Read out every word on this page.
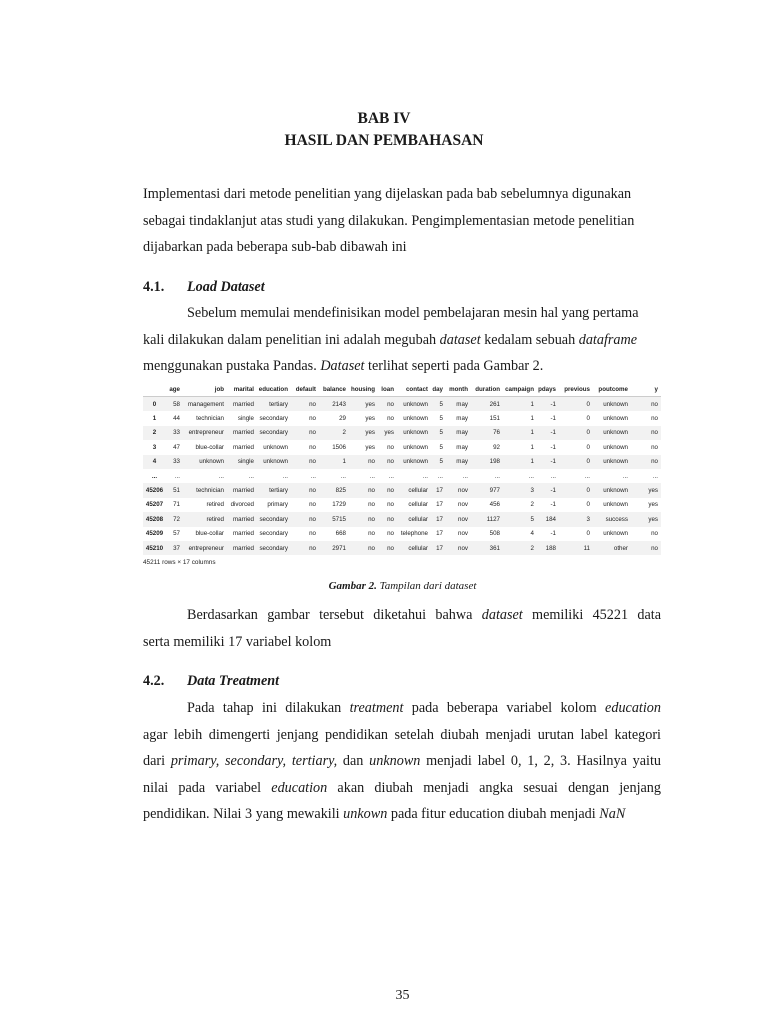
BAB IV
HASIL DAN PEMBAHASAN
Implementasi dari metode penelitian yang dijelaskan pada bab sebelumnya digunakan
sebagai tindaklanjut atas studi yang dilakukan. Pengimplementasian metode penelitian
dijabarkan pada beberapa sub-bab dibawah ini
4.1. Load Dataset
Sebelum memulai mendefinisikan model pembelajaran mesin hal yang pertama
kali dilakukan dalam penelitian ini adalah megubah dataset kedalam sebuah dataframe
menggunakan pustaka Pandas. Dataset terlihat seperti pada Gambar 2.
	age	job	marital	education	default	balance	housing	loan	contact	day	month	duration	campaign	pdays	previous	poutcome	y
0	58	management	married	tertiary	no	2143	yes	no	unknown	5	may	261	1	-1	0	unknown	no
1	44	technician	single	secondary	no	29	yes	no	unknown	5	may	151	1	-1	0	unknown	no
2	33	entrepreneur	married	secondary	no	2	yes	yes	unknown	5	may	76	1	-1	0	unknown	no
3	47	blue-collar	married	unknown	no	1506	yes	no	unknown	5	may	92	1	-1	0	unknown	no
4	33	unknown	single	unknown	no	1	no	no	unknown	5	may	198	1	-1	0	unknown	no
...	...	...	...	...	...	...	...	...	...	...	...	...	...	...	...	...	...
45206	51	technician	married	tertiary	no	825	no	no	cellular	17	nov	977	3	-1	0	unknown	yes
45207	71	retired	divorced	primary	no	1729	no	no	cellular	17	nov	456	2	-1	0	unknown	yes
45208	72	retired	married	secondary	no	5715	no	no	cellular	17	nov	1127	5	184	3	success	yes
45209	57	blue-collar	married	secondary	no	668	no	no	telephone	17	nov	508	4	-1	0	unknown	no
45210	37	entrepreneur	married	secondary	no	2971	no	no	cellular	17	nov	361	2	188	11	other	no
45211 rows × 17 columns
Gambar 2. Tampilan dari dataset
Berdasarkan gambar tersebut diketahui bahwa dataset memiliki 45221 data
serta memiliki 17 variabel kolom
4.2. Data Treatment
Pada tahap ini dilakukan treatment pada beberapa variabel kolom education
agar lebih dimengerti jenjang pendidikan setelah diubah menjadi urutan label kategori
dari primary, secondary, tertiary, dan unknown menjadi label 0, 1, 2, 3. Hasilnya yaitu
nilai pada variabel education akan diubah menjadi angka sesuai dengan jenjang
pendidikan. Nilai 3 yang mewakili unkown pada fitur education diubah menjadi NaN
35
